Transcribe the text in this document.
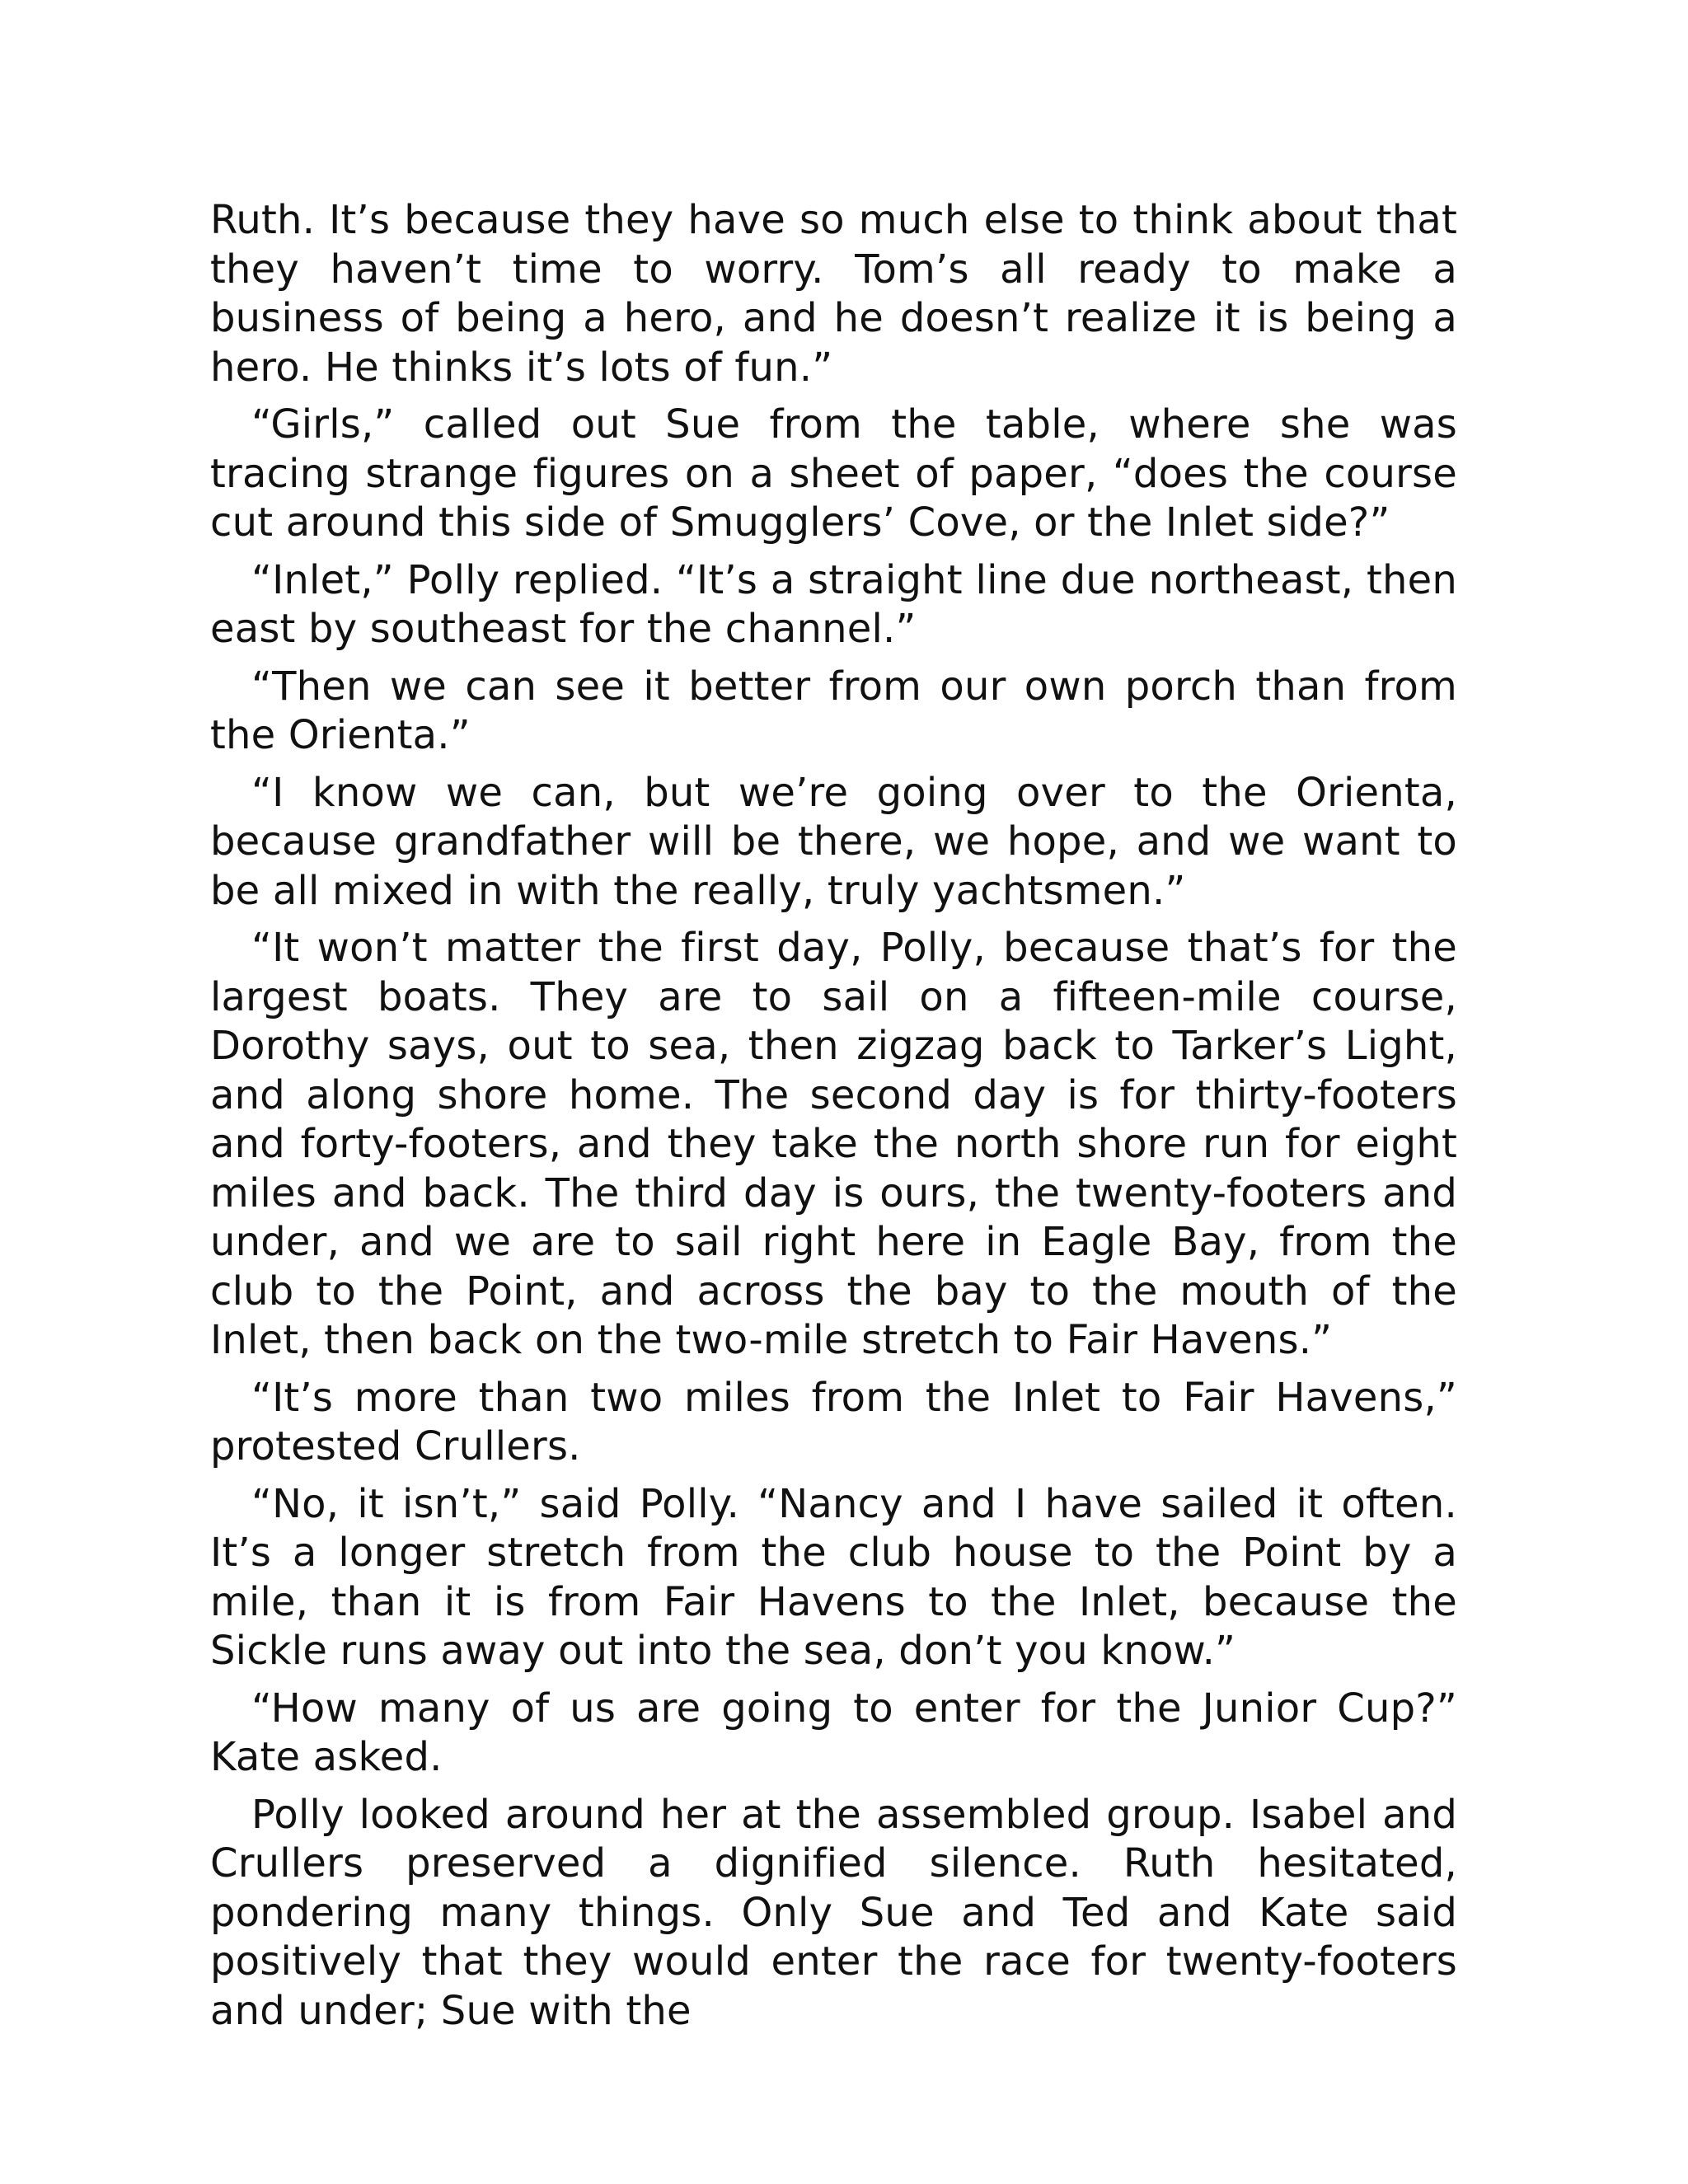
Ruth. It’s because they have so much else to think about that they haven’t time to worry. Tom’s all ready to make a business of being a hero, and he doesn’t realize it is being a hero. He thinks it’s lots of fun.”

“Girls,” called out Sue from the table, where she was tracing strange figures on a sheet of paper, “does the course cut around this side of Smugglers’ Cove, or the Inlet side?”

“Inlet,” Polly replied. “It’s a straight line due northeast, then east by southeast for the channel.”

“Then we can see it better from our own porch than from the Orienta.”

“I know we can, but we’re going over to the Orienta, because grandfather will be there, we hope, and we want to be all mixed in with the really, truly yachtsmen.”

“It won’t matter the first day, Polly, because that’s for the largest boats. They are to sail on a fifteen-mile course, Dorothy says, out to sea, then zigzag back to Tarker’s Light, and along shore home. The second day is for thirty-footers and forty-footers, and they take the north shore run for eight miles and back. The third day is ours, the twenty-footers and under, and we are to sail right here in Eagle Bay, from the club to the Point, and across the bay to the mouth of the Inlet, then back on the two-mile stretch to Fair Havens.”

“It’s more than two miles from the Inlet to Fair Havens,” protested Crullers.

“No, it isn’t,” said Polly. “Nancy and I have sailed it often. It’s a longer stretch from the club house to the Point by a mile, than it is from Fair Havens to the Inlet, because the Sickle runs away out into the sea, don’t you know.”

“How many of us are going to enter for the Junior Cup?” Kate asked.

Polly looked around her at the assembled group. Isabel and Crullers preserved a dignified silence. Ruth hesitated, pondering many things. Only Sue and Ted and Kate said positively that they would enter the race for twenty-footers and under; Sue with the
